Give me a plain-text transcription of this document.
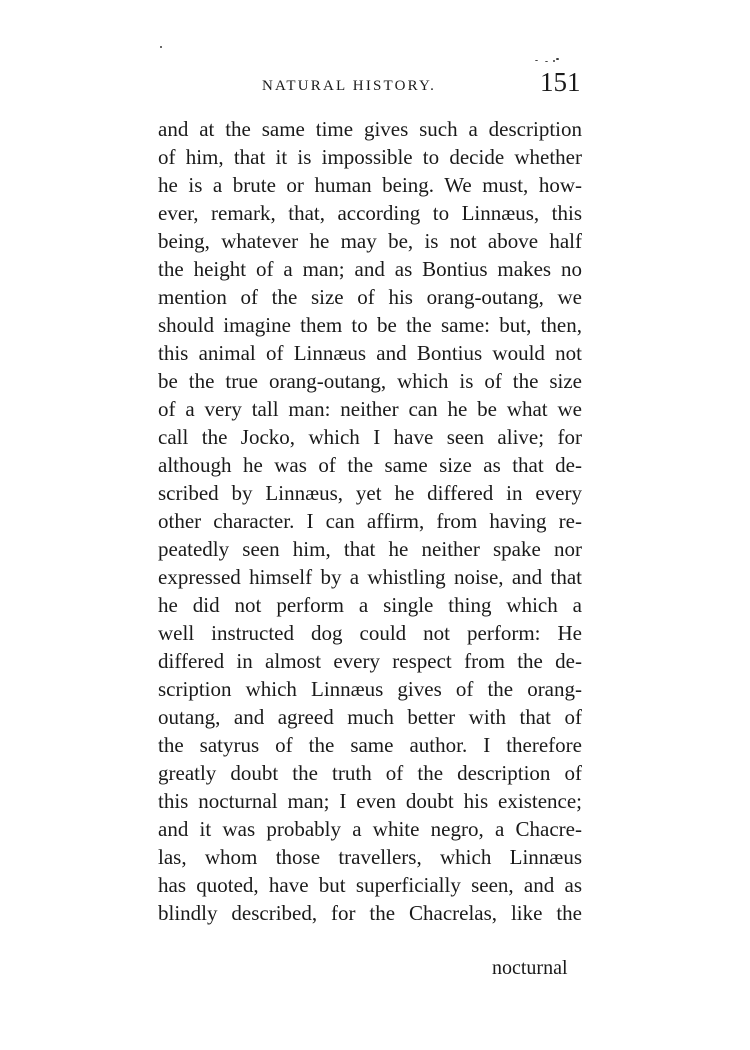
NATURAL HISTORY.	151
and at the same time gives such a description
of him, that it is impossible to decide whether
he is a brute or human being. We must, how-
ever, remark, that, according to Linnæus, this
being, whatever he may be, is not above half
the height of a man; and as Bontius makes no
mention of the size of his orang-outang, we
should imagine them to be the same: but, then,
this animal of Linnæus and Bontius would not
be the true orang-outang, which is of the size
of a very tall man: neither can he be what we
call the Jocko, which I have seen alive; for
although he was of the same size as that de-
scribed by Linnæus, yet he differed in every
other character. I can affirm, from having re-
peatedly seen him, that he neither spake nor
expressed himself by a whistling noise, and that
he did not perform a single thing which a
well instructed dog could not perform: He
differed in almost every respect from the de-
scription which Linnæus gives of the orang-
outang, and agreed much better with that of
the satyrus of the same author. I therefore
greatly doubt the truth of the description of
this nocturnal man; I even doubt his existence;
and it was probably a white negro, a Chacre-
las, whom those travellers, which Linnæus
has quoted, have but superficially seen, and as
blindly described, for the Chacrelas, like the
nocturnal
